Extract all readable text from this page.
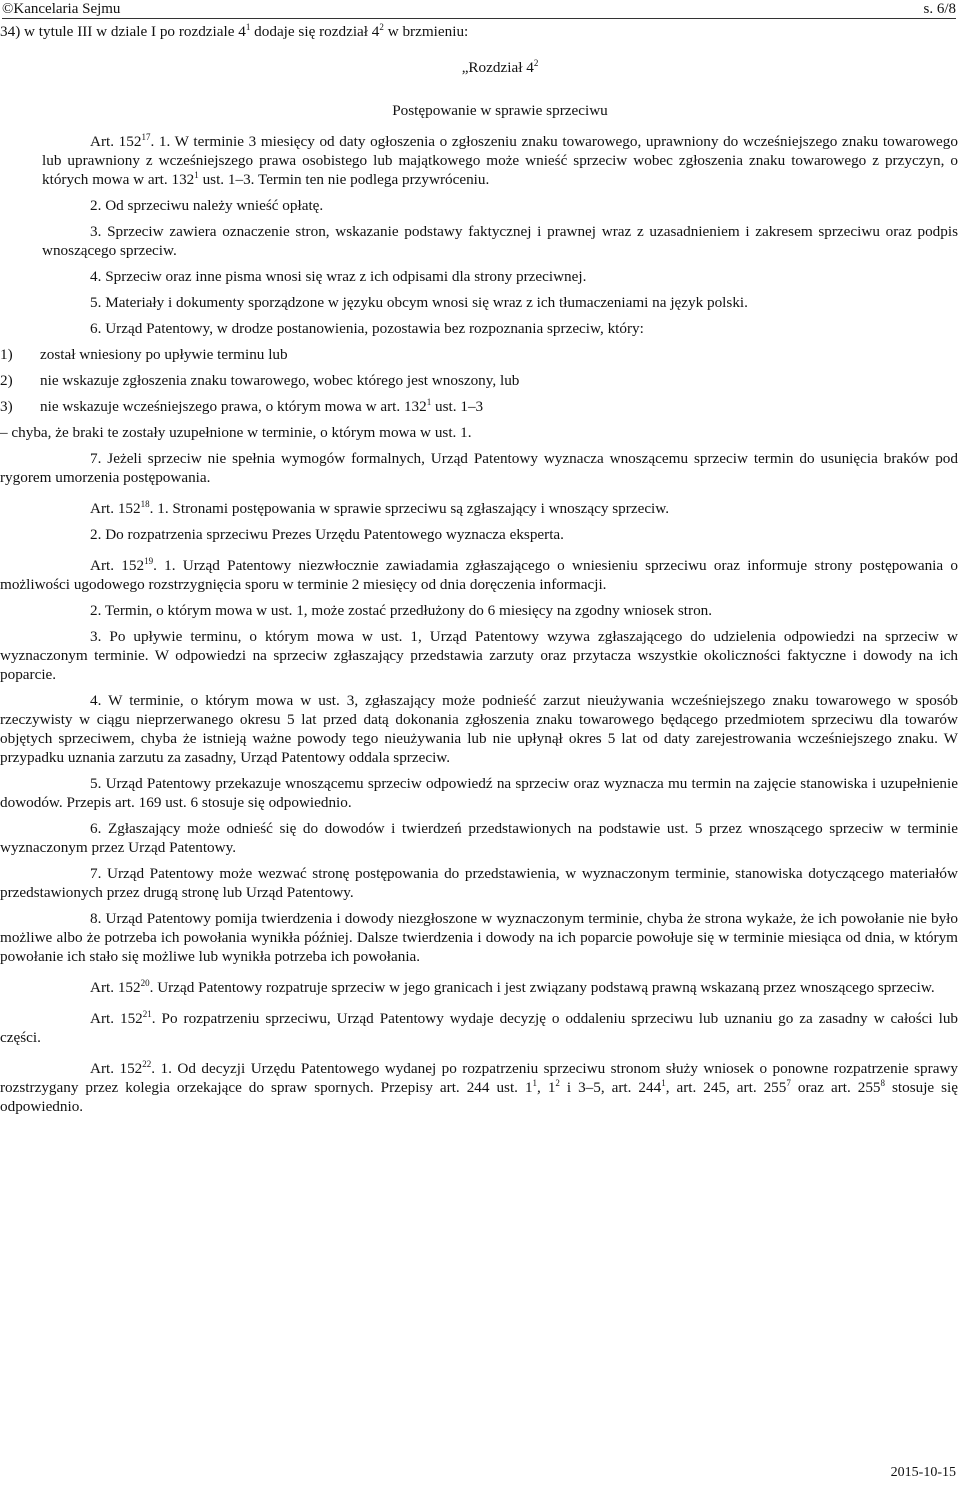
©Kancelaria Sejmu	s. 6/8

34) w tytule III w dziale I po rozdziale $4^1$ dodaje się rozdział $4^2$ w brzmieniu:

„Rozdział $4^2$

Postępowanie w sprawie sprzeciwu

Art. $152^{17}$. 1. W terminie 3 miesięcy od daty ogłoszenia o zgłoszeniu znaku towarowego, uprawniony do wcześniejszego znaku towarowego lub uprawniony z wcześniejszego prawa osobistego lub majątkowego może wnieść sprzeciw wobec zgłoszenia znaku towarowego z przyczyn, o których mowa w art. $132^1$ ust. 1–3. Termin ten nie podlega przywróceniu.

2. Od sprzeciwu należy wnieść opłatę.

3. Sprzeciw zawiera oznaczenie stron, wskazanie podstawy faktycznej i prawnej wraz z uzasadnieniem i zakresem sprzeciwu oraz podpis wnoszącego sprzeciw.

4. Sprzeciw oraz inne pisma wnosi się wraz z ich odpisami dla strony przeciwnej.

5. Materiały i dokumenty sporządzone w języku obcym wnosi się wraz z ich tłumaczeniami na język polski.

6. Urząd Patentowy, w drodze postanowienia, pozostawia bez rozpoznania sprzeciw, który:

1) został wniesiony po upływie terminu lub

2) nie wskazuje zgłoszenia znaku towarowego, wobec którego jest wnoszony, lub

3) nie wskazuje wcześniejszego prawa, o którym mowa w art. $132^1$ ust. 1–3

– chyba, że braki te zostały uzupełnione w terminie, o którym mowa w ust. 1.

7. Jeżeli sprzeciw nie spełnia wymogów formalnych, Urząd Patentowy wyznacza wnoszącemu sprzeciw termin do usunięcia braków pod rygorem umorzenia postępowania.

Art. $152^{18}$. 1. Stronami postępowania w sprawie sprzeciwu są zgłaszający i wnoszący sprzeciw.

2. Do rozpatrzenia sprzeciwu Prezes Urzędu Patentowego wyznacza eksperta.

Art. $152^{19}$. 1. Urząd Patentowy niezwłocznie zawiadamia zgłaszającego o wniesieniu sprzeciwu oraz informuje strony postępowania o możliwości ugodowego rozstrzygnięcia sporu w terminie 2 miesięcy od dnia doręczenia informacji.

2. Termin, o którym mowa w ust. 1, może zostać przedłużony do 6 miesięcy na zgodny wniosek stron.

3. Po upływie terminu, o którym mowa w ust. 1, Urząd Patentowy wzywa zgłaszającego do udzielenia odpowiedzi na sprzeciw w wyznaczonym terminie. W odpowiedzi na sprzeciw zgłaszający przedstawia zarzuty oraz przytacza wszystkie okoliczności faktyczne i dowody na ich poparcie.

4. W terminie, o którym mowa w ust. 3, zgłaszający może podnieść zarzut nieużywania wcześniejszego znaku towarowego w sposób rzeczywisty w ciągu nieprzerwanego okresu 5 lat przed datą dokonania zgłoszenia znaku towarowego będącego przedmiotem sprzeciwu dla towarów objętych sprzeciwem, chyba że istnieją ważne powody tego nieużywania lub nie upłynął okres 5 lat od daty zarejestrowania wcześniejszego znaku. W przypadku uznania zarzutu za zasadny, Urząd Patentowy oddala sprzeciw.

5. Urząd Patentowy przekazuje wnoszącemu sprzeciw odpowiedź na sprzeciw oraz wyznacza mu termin na zajęcie stanowiska i uzupełnienie dowodów. Przepis art. 169 ust. 6 stosuje się odpowiednio.

6. Zgłaszający może odnieść się do dowodów i twierdzeń przedstawionych na podstawie ust. 5 przez wnoszącego sprzeciw w terminie wyznaczonym przez Urząd Patentowy.

7. Urząd Patentowy może wezwać stronę postępowania do przedstawienia, w wyznaczonym terminie, stanowiska dotyczącego materiałów przedstawionych przez drugą stronę lub Urząd Patentowy.

8. Urząd Patentowy pomija twierdzenia i dowody niezgłoszone w wyznaczonym terminie, chyba że strona wykaże, że ich powołanie nie było możliwe albo że potrzeba ich powołania wynikła później. Dalsze twierdzenia i dowody na ich poparcie powołuje się w terminie miesiąca od dnia, w którym powołanie ich stało się możliwe lub wynikła potrzeba ich powołania.

Art. $152^{20}$. Urząd Patentowy rozpatruje sprzeciw w jego granicach i jest związany podstawą prawną wskazaną przez wnoszącego sprzeciw.

Art. $152^{21}$. Po rozpatrzeniu sprzeciwu, Urząd Patentowy wydaje decyzję o oddaleniu sprzeciwu lub uznaniu go za zasadny w całości lub części.

Art. $152^{22}$. 1. Od decyzji Urzędu Patentowego wydanej po rozpatrzeniu sprzeciwu stronom służy wniosek o ponowne rozpatrzenie sprawy rozstrzygany przez kolegia orzekające do spraw spornych. Przepisy art. 244 ust. $1^1$, $1^2$ i 3–5, art. $244^1$, art. 245, art. $255^7$ oraz art. $255^8$ stosuje się odpowiednio.

2015-10-15
